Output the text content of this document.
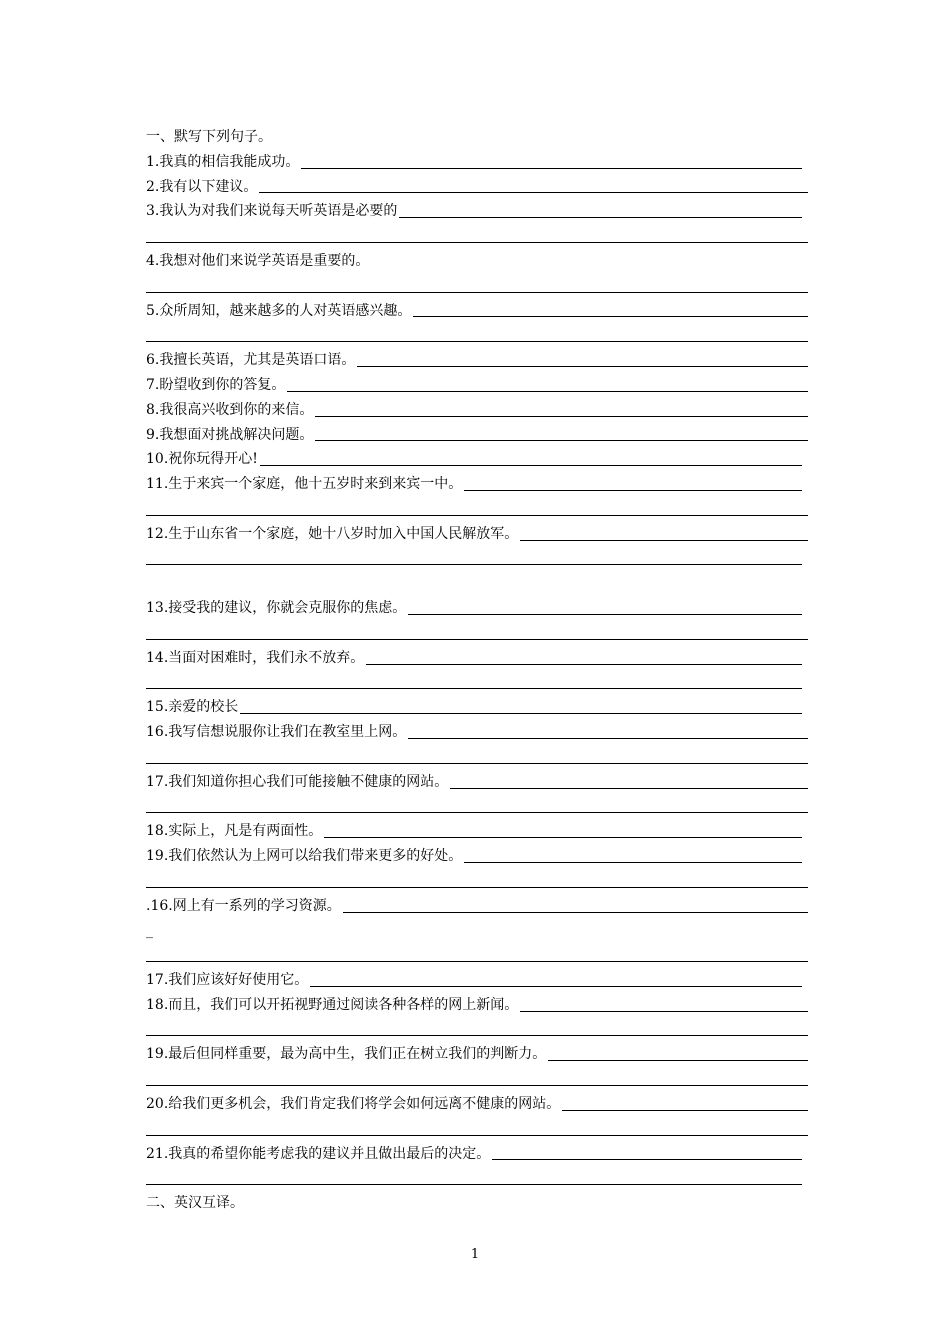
一、默写下列句子。
1.我真的相信我能成功。
2.我有以下建议。
3.我认为对我们来说每天听英语是必要的
4.我想对他们来说学英语是重要的。
5.众所周知，越来越多的人对英语感兴趣。
6.我擅长英语，尤其是英语口语。
7.盼望收到你的答复。
8.我很高兴收到你的来信。
9.我想面对挑战解决问题。
10.祝你玩得开心!
11.生于来宾一个家庭，他十五岁时来到来宾一中。
12.生于山东省一个家庭，她十八岁时加入中国人民解放军。
13.接受我的建议，你就会克服你的焦虑。
14.当面对困难时，我们永不放弃。
15.亲爱的校长
16.我写信想说服你让我们在教室里上网。
17.我们知道你担心我们可能接触不健康的网站。
18.实际上，凡是有两面性。
19.我们依然认为上网可以给我们带来更多的好处。
.16.网上有一系列的学习资源。
_
17.我们应该好好使用它。
18.而且，我们可以开拓视野通过阅读各种各样的网上新闻。
19.最后但同样重要，最为高中生，我们正在树立我们的判断力。
20.给我们更多机会，我们肯定我们将学会如何远离不健康的网站。
21.我真的希望你能考虑我的建议并且做出最后的决定。
二、英汉互译。
1
